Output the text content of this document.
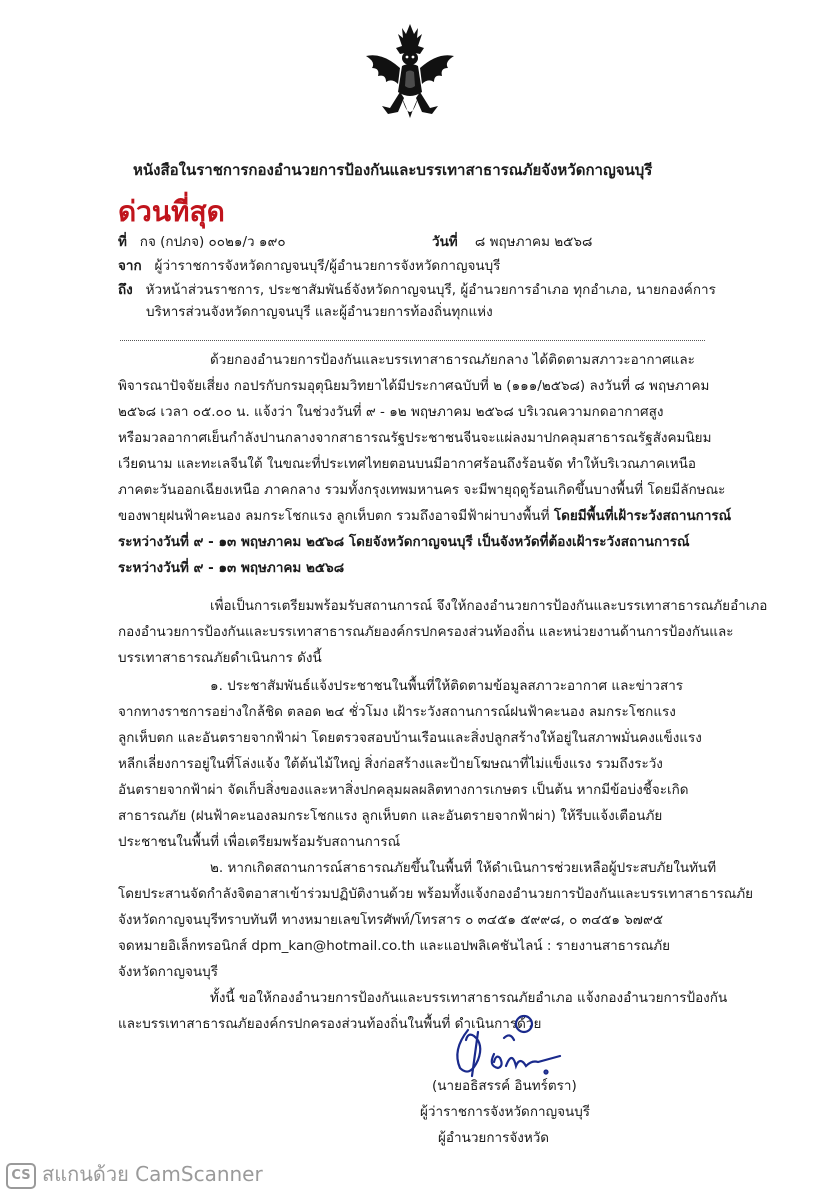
หนังสือในราชการกองอำนวยการป้องกันและบรรเทาสาธารณภัยจังหวัดกาญจนบุรี
ด่วนที่สุด
ที่ กจ (กปภจ) ๐๐๒๑/ว ๑๙๐	วันที่ ๘ พฤษภาคม ๒๕๖๘
จาก ผู้ว่าราชการจังหวัดกาญจนบุรี/ผู้อำนวยการจังหวัดกาญจนบุรี
ถึง หัวหน้าส่วนราชการ, ประชาสัมพันธ์จังหวัดกาญจนบุรี, ผู้อำนวยการอำเภอ ทุกอำเภอ, นายกองค์การ
บริหารส่วนจังหวัดกาญจนบุรี และผู้อำนวยการท้องถิ่นทุกแห่ง
ด้วยกองอำนวยการป้องกันและบรรเทาสาธารณภัยกลาง ได้ติดตามสภาวะอากาศและ
พิจารณาปัจจัยเสี่ยง กอปรกับกรมอุตุนิยมวิทยาได้มีประกาศฉบับที่ ๒ (๑๑๑/๒๕๖๘) ลงวันที่ ๘ พฤษภาคม
๒๕๖๘ เวลา ๐๕.๐๐ น. แจ้งว่า ในช่วงวันที่ ๙ - ๑๒ พฤษภาคม ๒๕๖๘ บริเวณความกดอากาศสูง
หรือมวลอากาศเย็นกำลังปานกลางจากสาธารณรัฐประชาชนจีนจะแผ่ลงมาปกคลุมสาธารณรัฐสังคมนิยม
เวียดนาม และทะเลจีนใต้ ในขณะที่ประเทศไทยตอนบนมีอากาศร้อนถึงร้อนจัด ทำให้บริเวณภาคเหนือ
ภาคตะวันออกเฉียงเหนือ ภาคกลาง รวมทั้งกรุงเทพมหานคร จะมีพายุฤดูร้อนเกิดขึ้นบางพื้นที่ โดยมีลักษณะ
ของพายุฝนฟ้าคะนอง ลมกระโชกแรง ลูกเห็บตก รวมถึงอาจมีฟ้าผ่าบางพื้นที่ โดยมีพื้นที่เฝ้าระวังสถานการณ์
ระหว่างวันที่ ๙ - ๑๓ พฤษภาคม ๒๕๖๘ โดยจังหวัดกาญจนบุรี เป็นจังหวัดที่ต้องเฝ้าระวังสถานการณ์
ระหว่างวันที่ ๙ - ๑๓ พฤษภาคม ๒๕๖๘
เพื่อเป็นการเตรียมพร้อมรับสถานการณ์ จึงให้กองอำนวยการป้องกันและบรรเทาสาธารณภัยอำเภอ
กองอำนวยการป้องกันและบรรเทาสาธารณภัยองค์กรปกครองส่วนท้องถิ่น และหน่วยงานด้านการป้องกันและ
บรรเทาสาธารณภัยดำเนินการ ดังนี้
๑. ประชาสัมพันธ์แจ้งประชาชนในพื้นที่ให้ติดตามข้อมูลสภาวะอากาศ และข่าวสาร
จากทางราชการอย่างใกล้ชิด ตลอด ๒๔ ชั่วโมง เฝ้าระวังสถานการณ์ฝนฟ้าคะนอง ลมกระโชกแรง
ลูกเห็บตก และอันตรายจากฟ้าผ่า โดยตรวจสอบบ้านเรือนและสิ่งปลูกสร้างให้อยู่ในสภาพมั่นคงแข็งแรง
หลีกเลี่ยงการอยู่ในที่โล่งแจ้ง ใต้ต้นไม้ใหญ่ สิ่งก่อสร้างและป้ายโฆษณาที่ไม่แข็งแรง รวมถึงระวัง
อันตรายจากฟ้าผ่า จัดเก็บสิ่งของและหาสิ่งปกคลุมผลผลิตทางการเกษตร เป็นต้น หากมีข้อบ่งชี้จะเกิด
สาธารณภัย (ฝนฟ้าคะนองลมกระโชกแรง ลูกเห็บตก และอันตรายจากฟ้าผ่า) ให้รีบแจ้งเตือนภัย
ประชาชนในพื้นที่ เพื่อเตรียมพร้อมรับสถานการณ์
๒. หากเกิดสถานการณ์สาธารณภัยขึ้นในพื้นที่ ให้ดำเนินการช่วยเหลือผู้ประสบภัยในทันที
โดยประสานจัดกำลังจิตอาสาเข้าร่วมปฏิบัติงานด้วย พร้อมทั้งแจ้งกองอำนวยการป้องกันและบรรเทาสาธารณภัย
จังหวัดกาญจนบุรีทราบทันที ทางหมายเลขโทรศัพท์/โทรสาร ๐ ๓๔๕๑ ๕๙๙๘, ๐ ๓๔๕๑ ๖๗๙๕
จดหมายอิเล็กทรอนิกส์ dpm_kan@hotmail.co.th และแอปพลิเคชันไลน์ : รายงานสาธารณภัย
จังหวัดกาญจนบุรี
ทั้งนี้ ขอให้กองอำนวยการป้องกันและบรรเทาสาธารณภัยอำเภอ แจ้งกองอำนวยการป้องกัน
และบรรเทาสาธารณภัยองค์กรปกครองส่วนท้องถิ่นในพื้นที่ ดำเนินการด้วย
(นายอธิสรรค์ อินทร์ตรา)
ผู้ว่าราชการจังหวัดกาญจนบุรี
ผู้อำนวยการจังหวัด
CS สแกนด้วย CamScanner
